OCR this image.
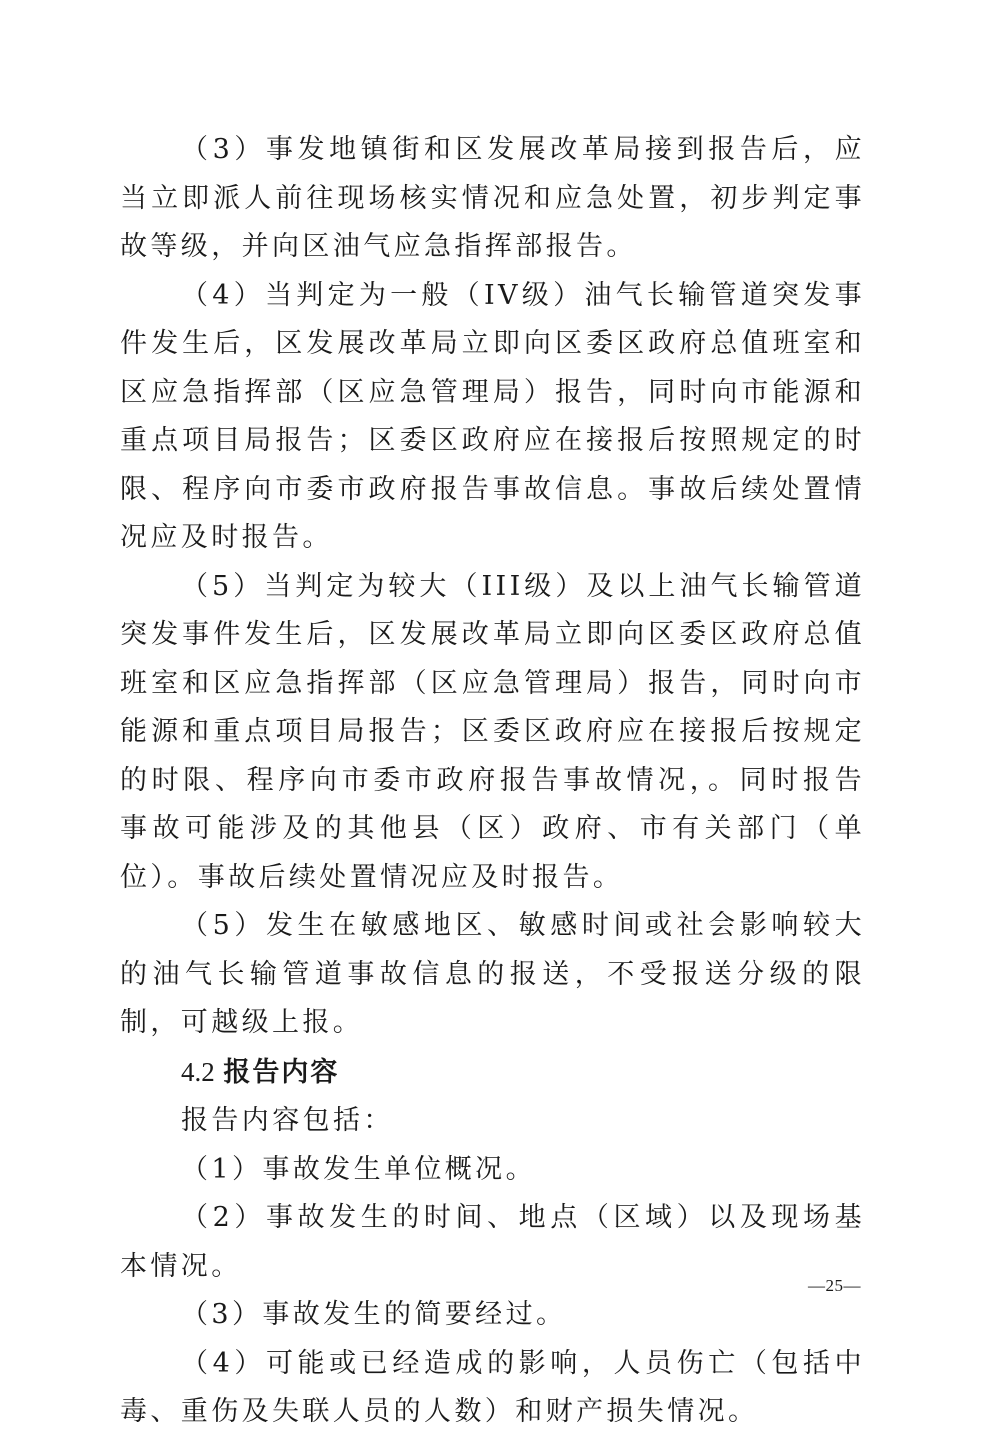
（3）事发地镇街和区发展改革局接到报告后，应当立即派人前往现场核实情况和应急处置，初步判定事故等级，并向区油气应急指挥部报告。

（4）当判定为一般（IV级）油气长输管道突发事件发生后，区发展改革局立即向区委区政府总值班室和区应急指挥部（区应急管理局）报告，同时向市能源和重点项目局报告；区委区政府应在接报后按照规定的时限、程序向市委市政府报告事故信息。事故后续处置情况应及时报告。

（5）当判定为较大（III级）及以上油气长输管道突发事件发生后，区发展改革局立即向区委区政府总值班室和区应急指挥部（区应急管理局）报告，同时向市能源和重点项目局报告；区委区政府应在接报后按规定的时限、程序向市委市政府报告事故情况，。同时报告事故可能涉及的其他县（区）政府、市有关部门（单位）。事故后续处置情况应及时报告。

（5）发生在敏感地区、敏感时间或社会影响较大的油气长输管道事故信息的报送，不受报送分级的限制，可越级上报。

4.2 报告内容

报告内容包括：

（1）事故发生单位概况。

（2）事故发生的时间、地点（区域）以及现场基本情况。

（3）事故发生的简要经过。

（4）可能或已经造成的影响，人员伤亡（包括中毒、重伤及失联人员的人数）和财产损失情况。

—25—
